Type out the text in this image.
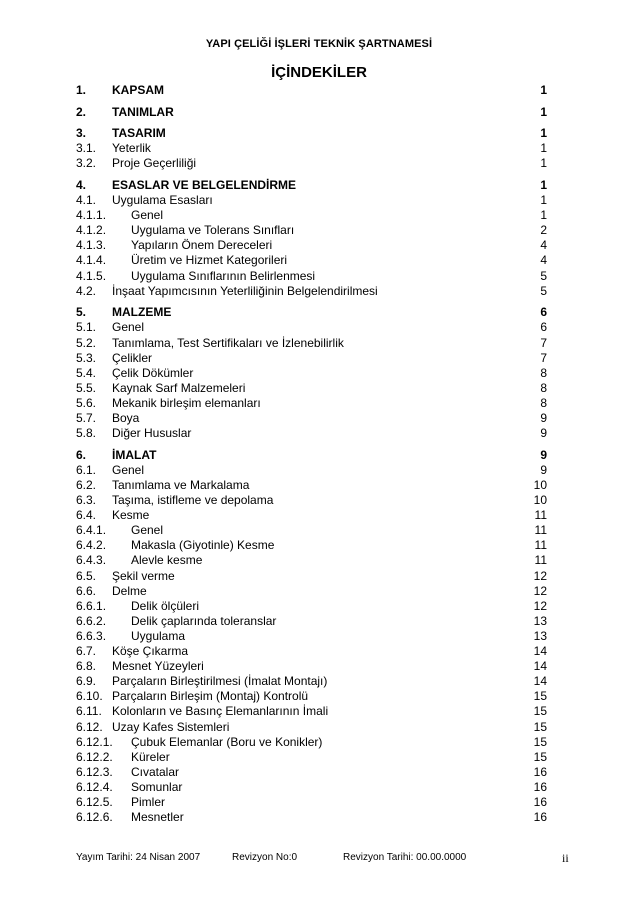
YAPI ÇELİĞİ İŞLERİ TEKNİK ŞARTNAMESİ
İÇİNDEKİLER
1. KAPSAM	1
2. TANIMLAR	1
3. TASARIM	1
3.1. Yeterlik	1
3.2. Proje Geçerliliği	1
4. ESASLAR VE BELGELENDİRME	1
4.1. Uygulama Esasları	1
4.1.1. Genel	1
4.1.2. Uygulama ve Tolerans Sınıfları	2
4.1.3. Yapıların Önem Dereceleri	4
4.1.4. Üretim ve Hizmet Kategorileri	4
4.1.5. Uygulama Sınıflarının Belirlenmesi	5
4.2. İnşaat Yapımcısının Yeterliliğinin Belgelendirilmesi	5
5. MALZEME	6
5.1. Genel	6
5.2. Tanımlama, Test Sertifikaları ve İzlenebilirlik	7
5.3. Çelikler	7
5.4. Çelik Dökümler	8
5.5. Kaynak Sarf Malzemeleri	8
5.6. Mekanik birleşim elemanları	8
5.7. Boya	9
5.8. Diğer Hususlar	9
6. İMALAT	9
6.1. Genel	9
6.2. Tanımlama ve Markalama	10
6.3. Taşıma, istifleme ve depolama	10
6.4. Kesme	11
6.4.1. Genel	11
6.4.2. Makasla (Giyotinle) Kesme	11
6.4.3. Alevle kesme	11
6.5. Şekil verme	12
6.6. Delme	12
6.6.1. Delik ölçüleri	12
6.6.2. Delik çaplarında toleranslar	13
6.6.3. Uygulama	13
6.7. Köşe Çıkarma	14
6.8. Mesnet Yüzeyleri	14
6.9. Parçaların Birleştirilmesi (İmalat Montajı)	14
6.10. Parçaların Birleşim (Montaj) Kontrolü	15
6.11. Kolonların ve Basınç Elemanlarının İmali	15
6.12. Uzay Kafes Sistemleri	15
6.12.1. Çubuk Elemanlar (Boru ve Konikler)	15
6.12.2. Küreler	15
6.12.3. Cıvatalar	16
6.12.4. Somunlar	16
6.12.5. Pimler	16
6.12.6. Mesnetler	16
Yayım Tarihi: 24 Nisan 2007	Revizyon No:0	Revizyon Tarihi: 00.00.0000	ii
